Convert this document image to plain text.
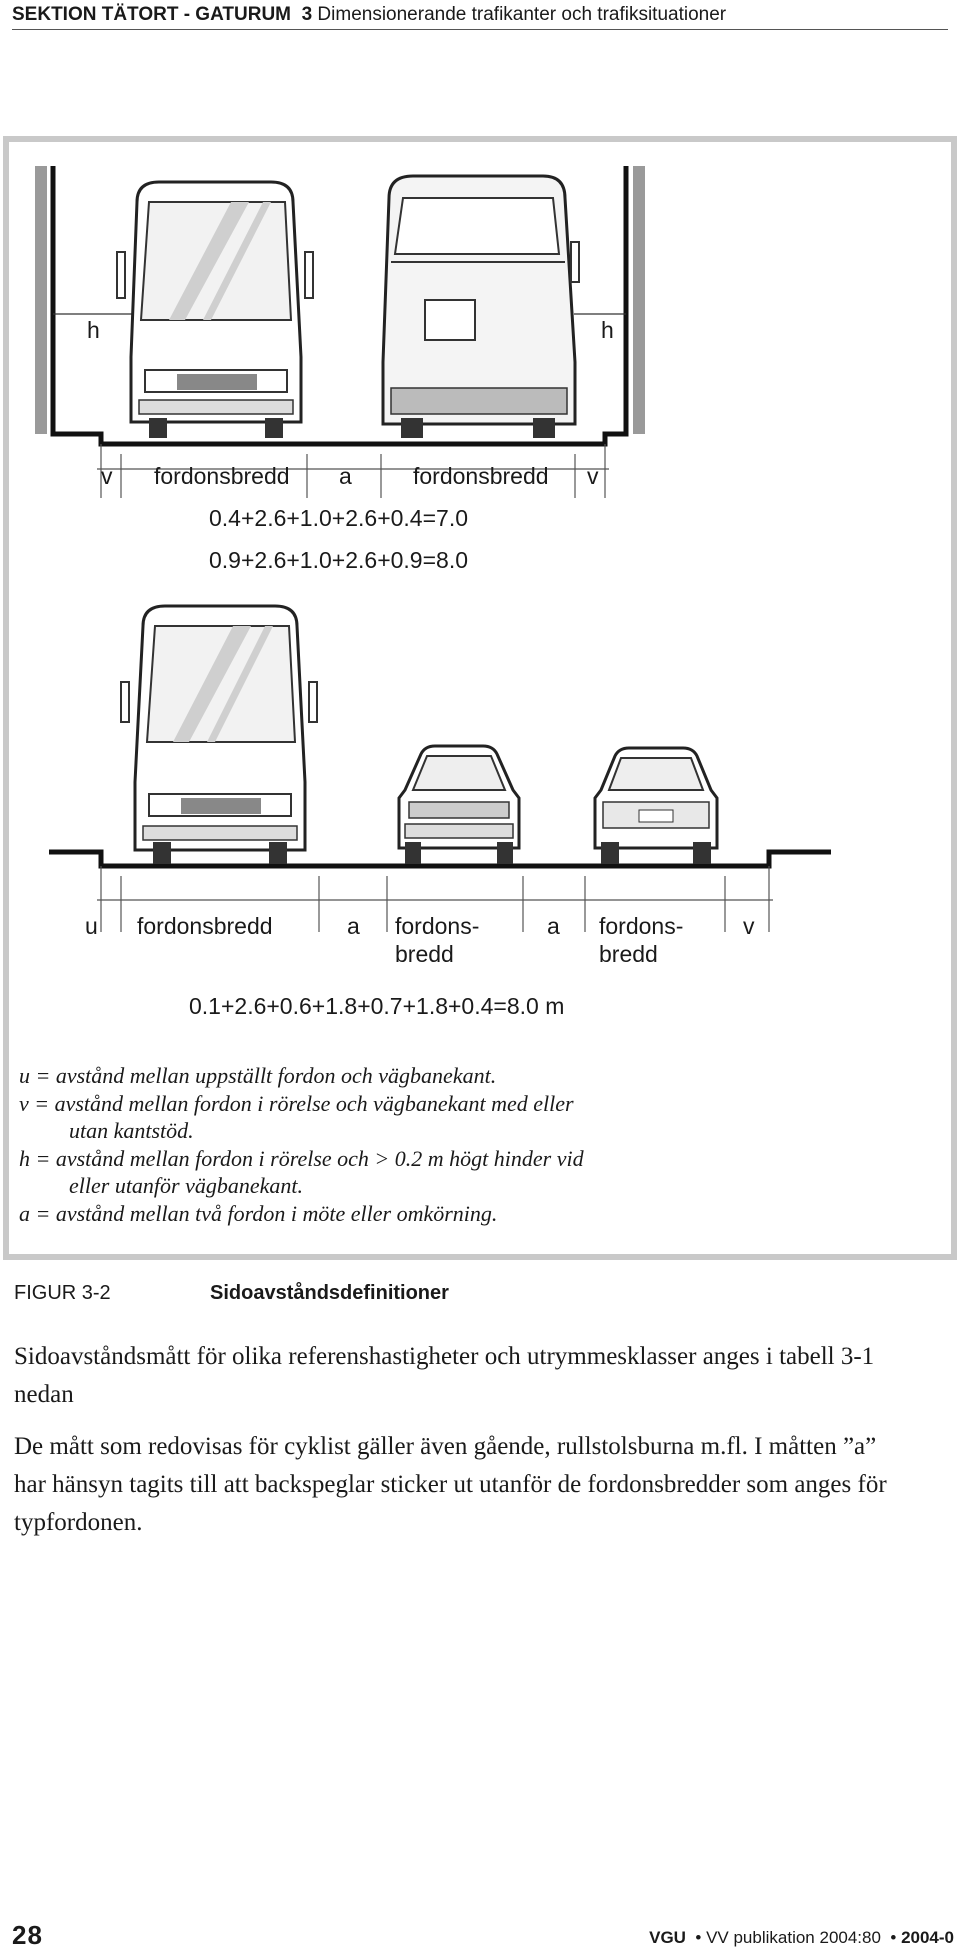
SEKTION TÄTORT - GATURUM 3 Dimensionerande trafikanter och trafiksituationer
h	h
v fordonsbredd a	fordonsbredd v
0.4+2.6+1.0+2.6+0.4=7.0
0.9+2.6+1.0+2.6+0.9=8.0
u fordonsbredd	a fordons-
bredd
a fordons-
bredd
v
0.1+2.6+0.6+1.8+0.7+1.8+0.4=8.0 m
u = avstånd mellan uppställt fordon och vägbanekant.
v = avstånd mellan fordon i rörelse och vägbanekant med eller
utan kantstöd.
h = avstånd mellan fordon i rörelse och > 0.2 m högt hinder vid
eller utanför vägbanekant.
a = avstånd mellan två fordon i möte eller omkörning.
FIGUR 3-2	Sidoavståndsdefinitioner
Sidoavståndsmått för olika referenshastigheter och utrymmesklasser anges i tabell 3-1 nedan
De mått som redovisas för cyklist gäller även gående, rullstolsburna m.fl. I måtten ”a” har hänsyn tagits till att backspeglar sticker ut utanför de fordonsbredder som anges för typfordonen.
28	VGU  • VV publikation 2004:80  • 2004-0
